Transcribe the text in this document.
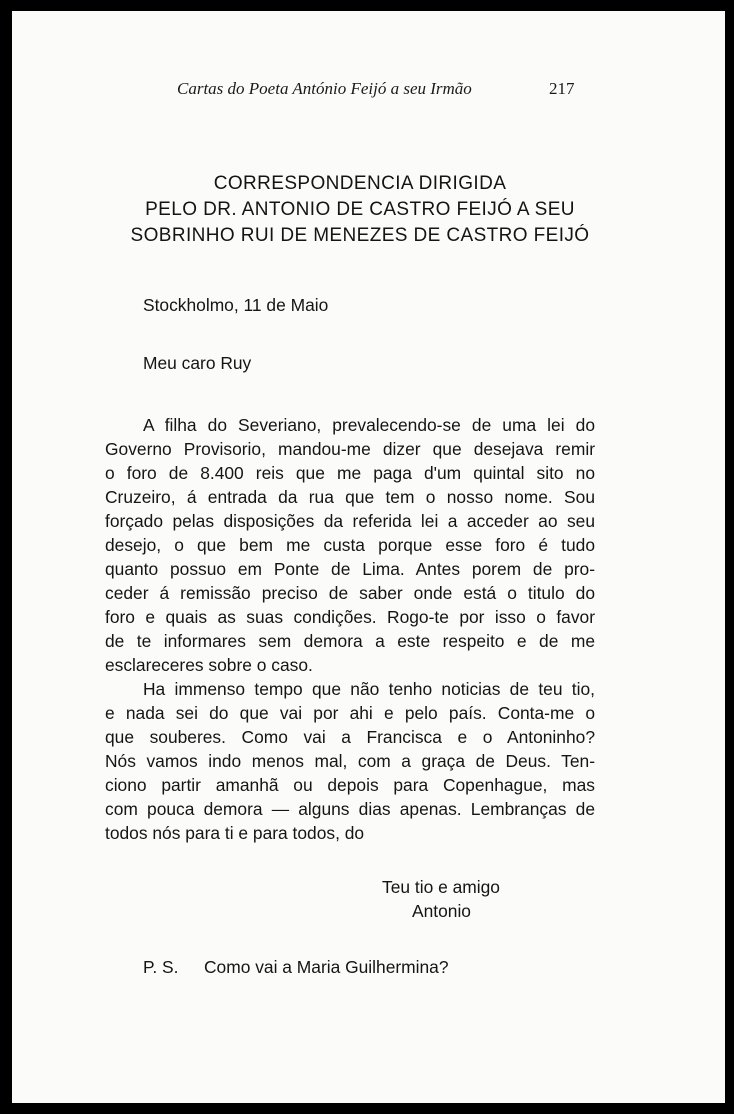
Cartas do Poeta António Feijó a seu Irmão	217
CORRESPONDENCIA DIRIGIDA
PELO DR. ANTONIO DE CASTRO FEIJÓ A SEU
SOBRINHO RUI DE MENEZES DE CASTRO FEIJÓ
Stockholmo, 11 de Maio
Meu caro Ruy
A filha do Severiano, prevalecendo-se de uma lei do
Governo Provisorio, mandou-me dizer que desejava remir
o foro de 8.400 reis que me paga d'um quintal sito no
Cruzeiro, á entrada da rua que tem o nosso nome. Sou
forçado pelas disposições da referida lei a acceder ao seu
desejo, o que bem me custa porque esse foro é tudo
quanto possuo em Ponte de Lima. Antes porem de pro-
ceder á remissão preciso de saber onde está o titulo do
foro e quais as suas condições. Rogo-te por isso o favor
de te informares sem demora a este respeito e de me
esclareceres sobre o caso.
Ha immenso tempo que não tenho noticias de teu tio,
e nada sei do que vai por ahi e pelo país. Conta-me o
que souberes. Como vai a Francisca e o Antoninho?
Nós vamos indo menos mal, com a graça de Deus. Ten-
ciono partir amanhã ou depois para Copenhague, mas
com pouca demora — alguns dias apenas. Lembranças de
todos nós para ti e para todos, do
Teu tio e amigo
Antonio
P. S. Como vai a Maria Guilhermina?
